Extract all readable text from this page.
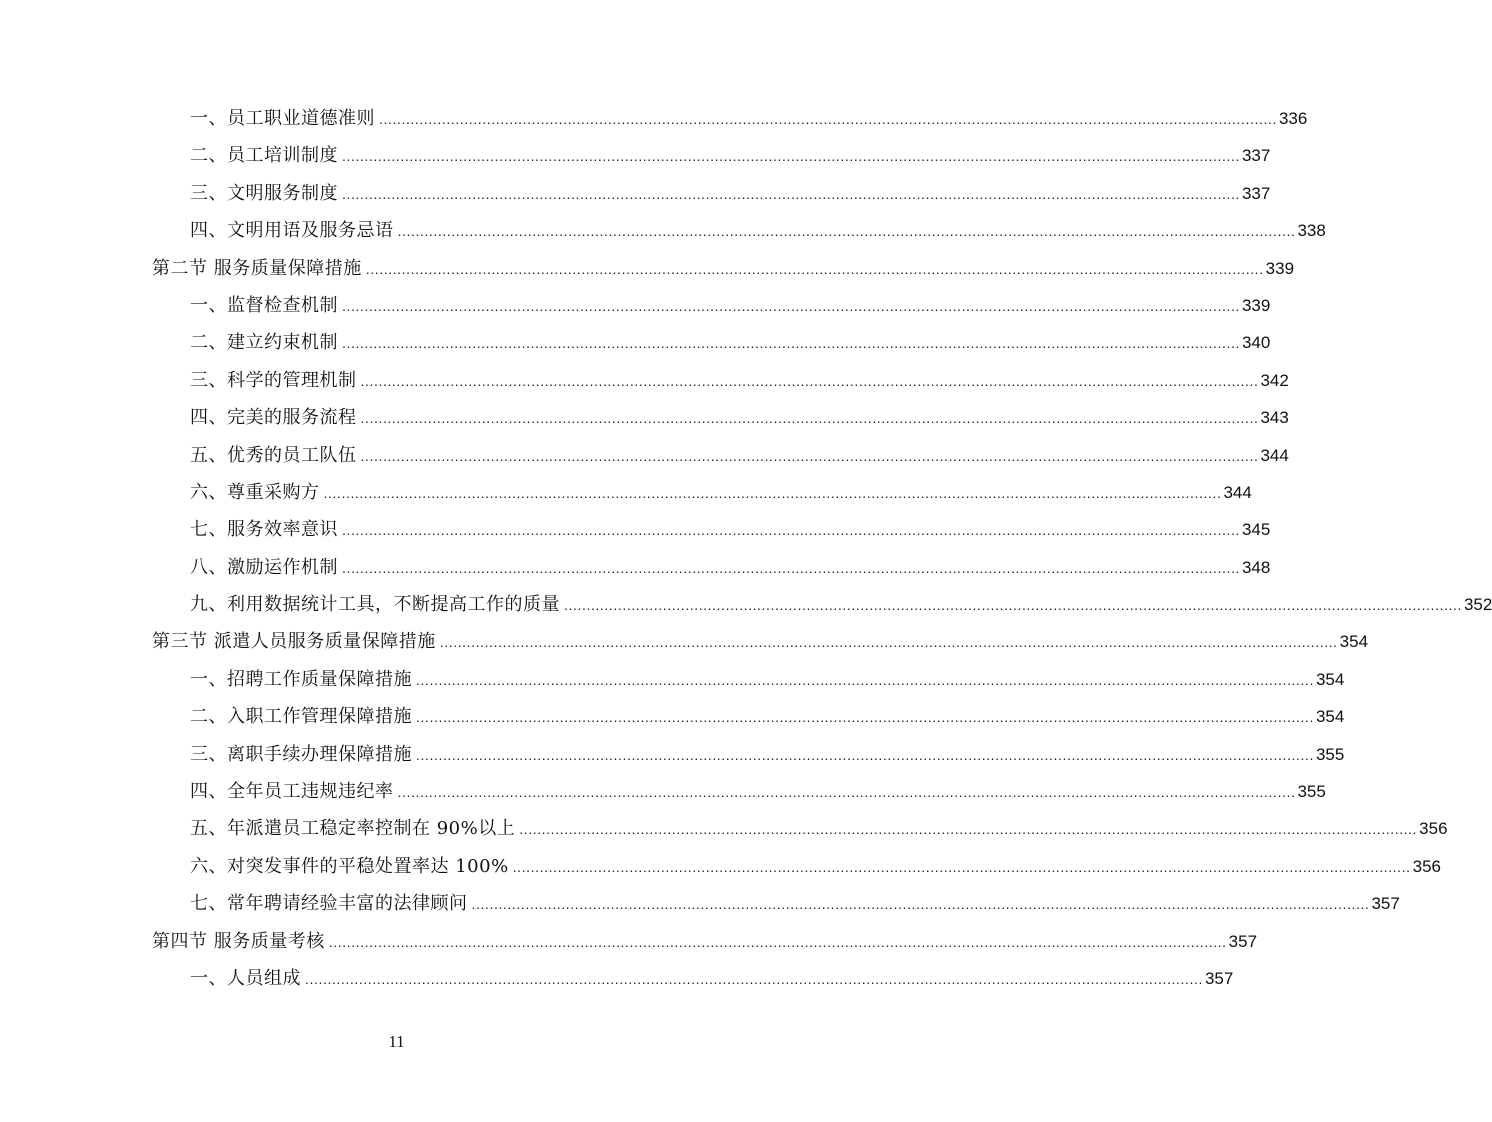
一、员工职业道德准则 ........................................................................................................................................................................................................ 336
二、员工培训制度 ........................................................................................................................................................................................................ 337
三、文明服务制度 ........................................................................................................................................................................................................ 337
四、文明用语及服务忌语 ........................................................................................................................................................................................................ 338
第二节 服务质量保障措施 ........................................................................................................................................................................................................ 339
一、监督检查机制 ........................................................................................................................................................................................................ 339
二、建立约束机制 ........................................................................................................................................................................................................ 340
三、科学的管理机制 ........................................................................................................................................................................................................ 342
四、完美的服务流程 ........................................................................................................................................................................................................ 343
五、优秀的员工队伍 ........................................................................................................................................................................................................ 344
六、尊重采购方 ........................................................................................................................................................................................................ 344
七、服务效率意识 ........................................................................................................................................................................................................ 345
八、激励运作机制 ........................................................................................................................................................................................................ 348
九、利用数据统计工具，不断提高工作的质量 ........................................................................................................................................................................................................ 352
第三节 派遣人员服务质量保障措施 ........................................................................................................................................................................................................ 354
一、招聘工作质量保障措施 ........................................................................................................................................................................................................ 354
二、入职工作管理保障措施 ........................................................................................................................................................................................................ 354
三、离职手续办理保障措施 ........................................................................................................................................................................................................ 355
四、全年员工违规违纪率 ........................................................................................................................................................................................................ 355
五、年派遣员工稳定率控制在 90%以上 ........................................................................................................................................................................................................ 356
六、对突发事件的平稳处置率达 100% ........................................................................................................................................................................................................ 356
七、常年聘请经验丰富的法律顾问 ........................................................................................................................................................................................................ 357
第四节 服务质量考核 ........................................................................................................................................................................................................ 357
一、人员组成 ........................................................................................................................................................................................................ 357
11
